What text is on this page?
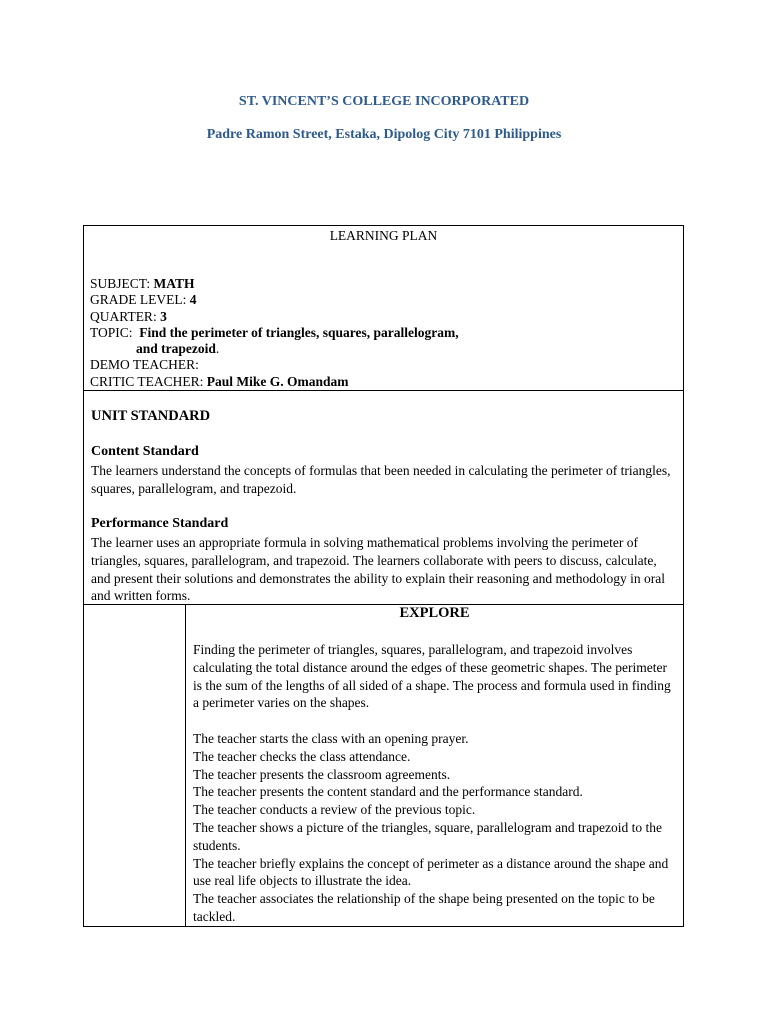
ST. VINCENT’S COLLEGE INCORPORATED
Padre Ramon Street, Estaka, Dipolog City 7101 Philippines
LEARNING PLAN
SUBJECT: MATH
GRADE LEVEL: 4
QUARTER: 3
TOPIC:  Find the perimeter of triangles, squares, parallelogram,
and trapezoid.
DEMO TEACHER:
CRITIC TEACHER: Paul Mike G. Omandam
UNIT STANDARD
Content Standard
The learners understand the concepts of formulas that been needed in calculating the perimeter of triangles, squares, parallelogram, and trapezoid.
Performance Standard
The learner uses an appropriate formula in solving mathematical problems involving the perimeter of triangles, squares, parallelogram, and trapezoid. The learners collaborate with peers to discuss, calculate, and present their solutions and demonstrates the ability to explain their reasoning and methodology in oral and written forms.
EXPLORE

Finding the perimeter of triangles, squares, parallelogram, and trapezoid involves calculating the total distance around the edges of these geometric shapes. The perimeter is the sum of the lengths of all sided of a shape. The process and formula used in finding a perimeter varies on the shapes.

The teacher starts the class with an opening prayer.

The teacher checks the class attendance.

The teacher presents the classroom agreements.

The teacher presents the content standard and the performance standard.

The teacher conducts a review of the previous topic.

The teacher shows a picture of the triangles, square, parallelogram and trapezoid to the students.

The teacher briefly explains the concept of perimeter as a distance around the shape and use real life objects to illustrate the idea.

The teacher associates the relationship of the shape being presented on the topic to be tackled.
